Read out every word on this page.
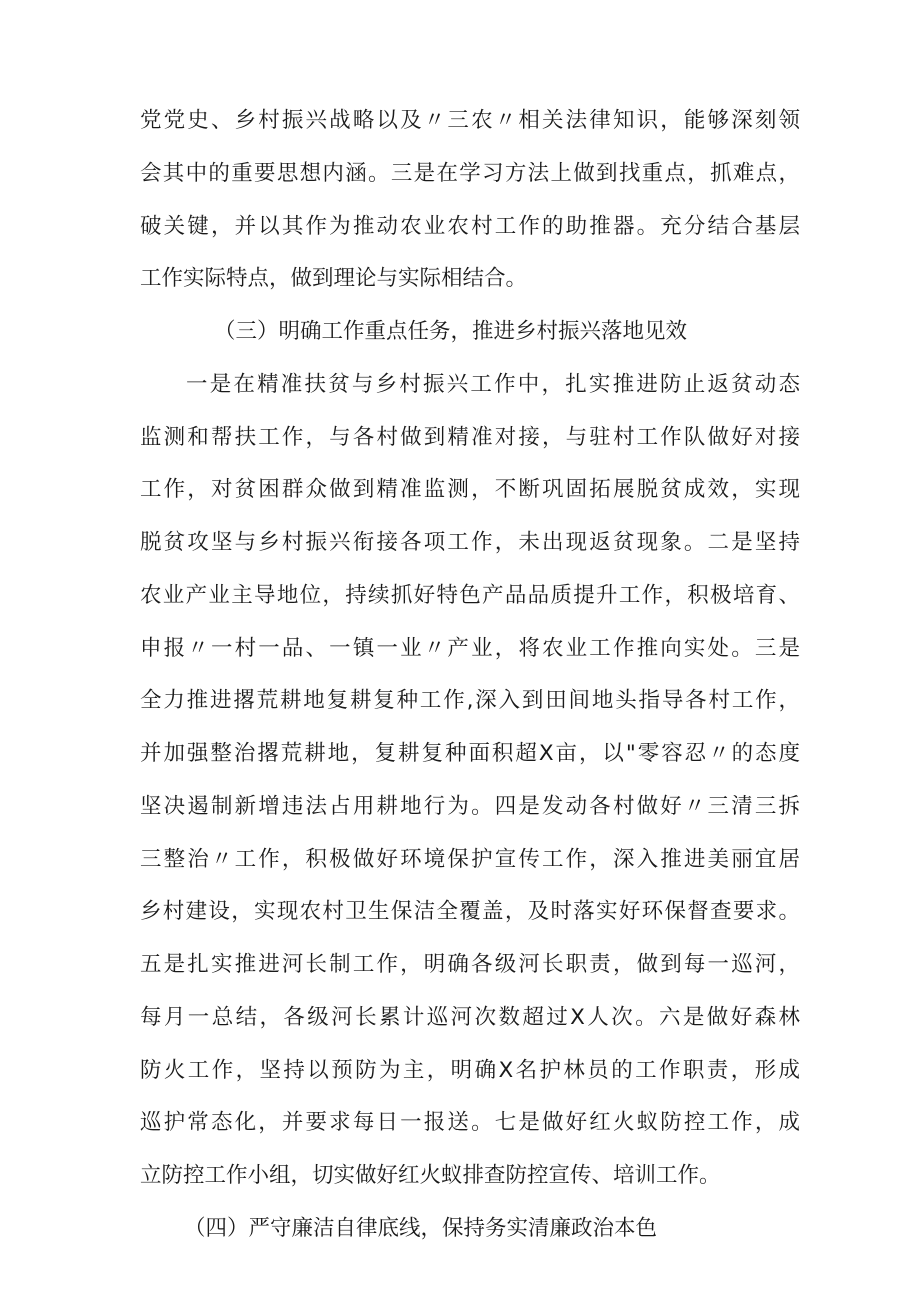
党党史、乡村振兴战略以及〃三农〃相关法律知识，能够深刻领
会其中的重要思想内涵。三是在学习方法上做到找重点，抓难点，
破关键，并以其作为推动农业农村工作的助推器。充分结合基层
工作实际特点，做到理论与实际相结合。
（三）明确工作重点任务，推进乡村振兴落地见效
一是在精准扶贫与乡村振兴工作中，扎实推进防止返贫动态
监测和帮扶工作，与各村做到精准对接，与驻村工作队做好对接
工作，对贫困群众做到精准监测，不断巩固拓展脱贫成效，实现
脱贫攻坚与乡村振兴衔接各项工作，未出现返贫现象。二是坚持
农业产业主导地位，持续抓好特色产品品质提升工作，积极培育、
申报〃一村一品、一镇一业〃产业，将农业工作推向实处。三是
全力推进撂荒耕地复耕复种工作,深入到田间地头指导各村工作，
并加强整治撂荒耕地，复耕复种面积超X亩，以"零容忍〃的态度
坚决遏制新增违法占用耕地行为。四是发动各村做好〃三清三拆
三整治〃工作，积极做好环境保护宣传工作，深入推进美丽宜居
乡村建设，实现农村卫生保洁全覆盖，及时落实好环保督查要求。
五是扎实推进河长制工作，明确各级河长职责，做到每一巡河，
每月一总结，各级河长累计巡河次数超过X人次。六是做好森林
防火工作，坚持以预防为主，明确X名护林员的工作职责，形成
巡护常态化，并要求每日一报送。七是做好红火蚁防控工作，成
立防控工作小组，切实做好红火蚁排查防控宣传、培训工作。
（四）严守廉洁自律底线，保持务实清廉政治本色
